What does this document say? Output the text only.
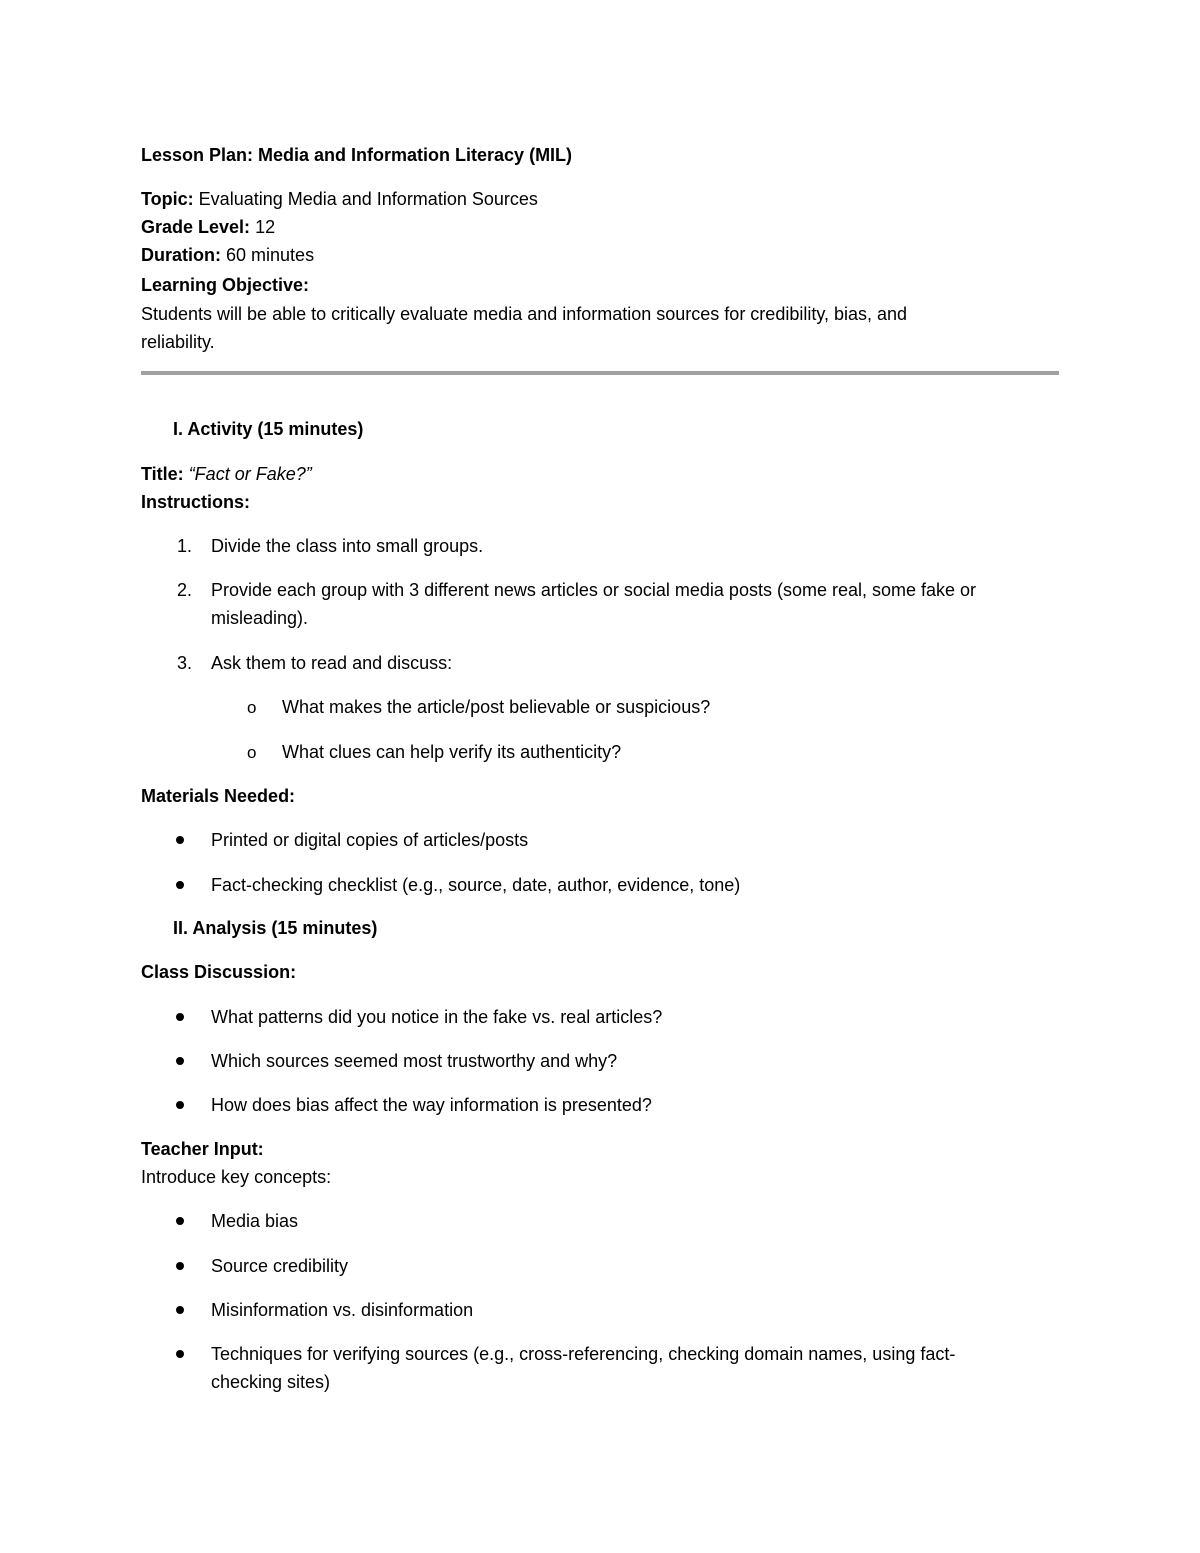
Lesson Plan: Media and Information Literacy (MIL)
Topic: Evaluating Media and Information Sources
Grade Level: 12
Duration: 60 minutes
Learning Objective:
Students will be able to critically evaluate media and information sources for credibility, bias, and
reliability.
I. Activity (15 minutes)
Title: “Fact or Fake?”
Instructions:
1. Divide the class into small groups.
2. Provide each group with 3 different news articles or social media posts (some real, some fake or
misleading).
3. Ask them to read and discuss:
o What makes the article/post believable or suspicious?
o What clues can help verify its authenticity?
Materials Needed:
Printed or digital copies of articles/posts
Fact-checking checklist (e.g., source, date, author, evidence, tone)
II. Analysis (15 minutes)
Class Discussion:
What patterns did you notice in the fake vs. real articles?
Which sources seemed most trustworthy and why?
How does bias affect the way information is presented?
Teacher Input:
Introduce key concepts:
Media bias
Source credibility
Misinformation vs. disinformation
Techniques for verifying sources (e.g., cross-referencing, checking domain names, using fact-
checking sites)
